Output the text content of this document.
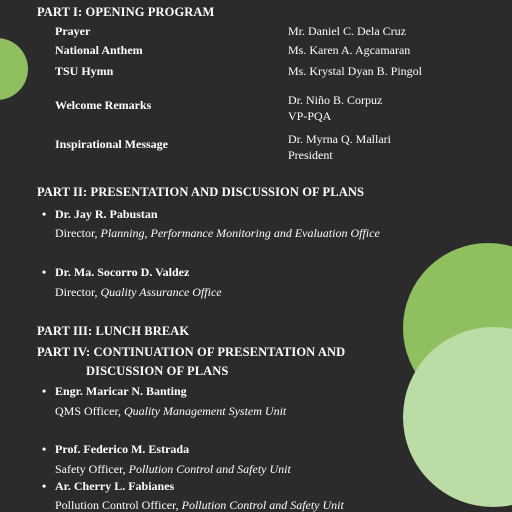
PART I: OPENING PROGRAM
Prayer	Mr. Daniel C. Dela Cruz
National Anthem	Ms. Karen A. Agcamaran
TSU Hymn	Ms. Krystal Dyan B. Pingol
Welcome Remarks	Dr. Niño B. Corpuz
VP-PQA
Inspirational Message	Dr. Myrna Q. Mallari
President
PART II: PRESENTATION AND DISCUSSION OF PLANS
• Dr. Jay R. Pabustan
Director, Planning, Performance Monitoring and Evaluation Office
• Dr. Ma. Socorro D. Valdez
Director, Quality Assurance Office
PART III: LUNCH BREAK
PART IV: CONTINUATION OF PRESENTATION AND
DISCUSSION OF PLANS
• Engr. Maricar N. Banting
QMS Officer, Quality Management System Unit
• Prof. Federico M. Estrada
Safety Officer, Pollution Control and Safety Unit
• Ar. Cherry L. Fabianes
Pollution Control Officer, Pollution Control and Safety Unit
